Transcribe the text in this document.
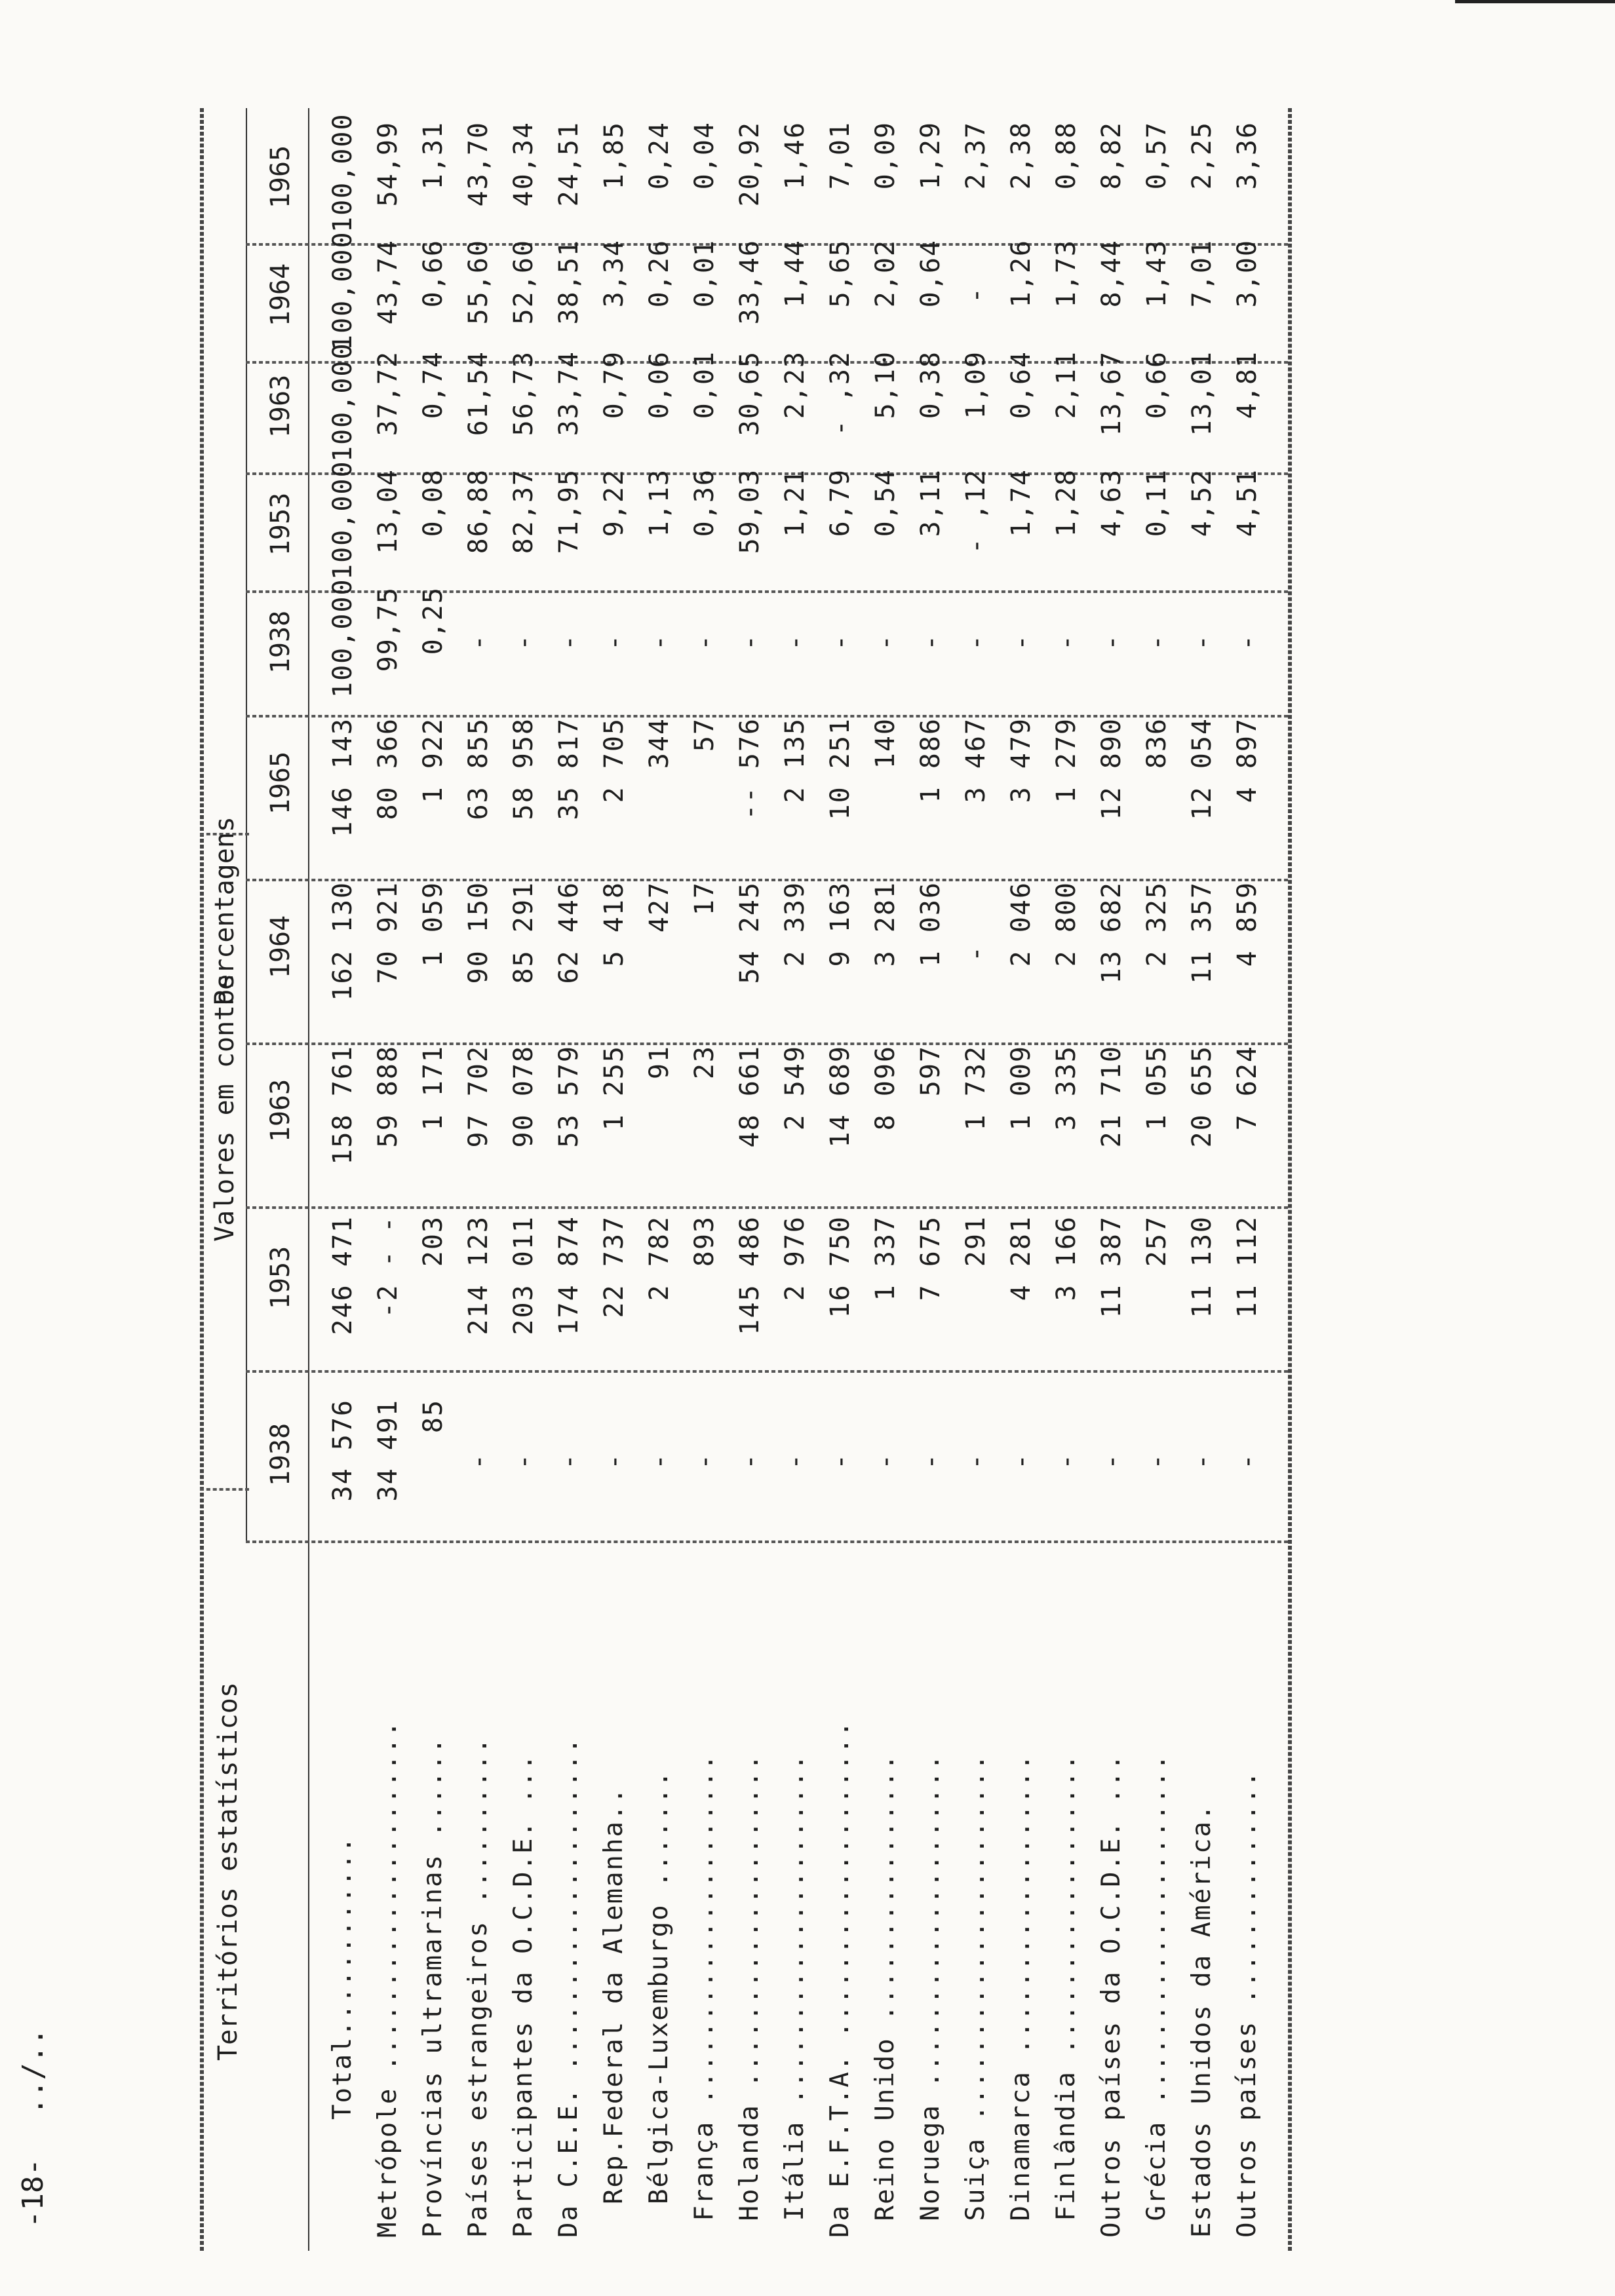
Percentagens
Valores em contos
Territórios estatísticos
1938
1953
1963
1964
1965
1938
1953
1963
1964
1965
Total............
34 576
246 471
158 761
162 130
146 143
100,000
100,000
100,000
100,000
100,000
Metrópole .....................
34 491
-2 - -
59 888
70 921
80 366
99,75
13,04
37,72
43,74
54,99
Províncias ultramarinas ......
85
203
1 171
1 059
1 922
0,25
0,08
0,74
0,66
1,31
Países estrangeiros ..........
-
214 123
97 702
90 150
63 855
-
86,88
61,54
55,60
43,70
Participantes da O.C.D.E. ...
-
203 011
90 078
85 291
58 958
-
82,37
56,73
52,60
40,34
Da C.E.E. ....................
-
174 874
53 579
62 446
35 817
-
71,95
33,74
38,51
24,51
Rep.Federal da Alemanha..
-
22 737
1 255
5 418
2 705
-
9,22
0,79
3,34
1,85
Bélgica-Luxemburgo .......
-
2 782
91
427
344
-
1,13
0,06
0,26
0,24
França .....................
-
893
23
17
57
-
0,36
0,01
0,01
0,04
Holanda ....................
-
145 486
48 661
54 245
-- 576
-
59,03
30,65
33,46
20,92
Itália .....................
-
2 976
2 549
2 339
2 135
-
1,21
2,23
1,44
1,46
Da E.F.T.A. ...................
-
16 750
14 689
9 163
10 251
-
6,79
- ,32
5,65
7,01
Reino Unido ................
-
1 337
8 096
3 281
140
-
0,54
5,10
2,02
0,09
Noruega ....................
-
7 675
597
1 036
1 886
-
3,11
0,38
0,64
1,29
Suiça ......................
-
291
1 732
-
3 467
-
- ,12
1,09
-
2,37
Dinamarca ..................
-
4 281
1 009
2 046
3 479
-
1,74
0,64
1,26
2,38
Finlândia ..................
-
3 166
3 335
2 800
1 279
-
1,28
2,11
1,73
0,88
Outros países da O.C.D.E. ...
-
11 387
21 710
13 682
12 890
-
4,63
13,67
8,44
8,82
Grécia .....................
-
257
1 055
2 325
836
-
0,11
0,66
1,43
0,57
Estados Unidos da América.
-
11 130
20 655
11 357
12 054
-
4,52
13,01
7,01
2,25
Outros países ..............
-
11 112
7 624
4 859
4 897
-
4,51
4,81
3,00
3,36
-18- ../..
